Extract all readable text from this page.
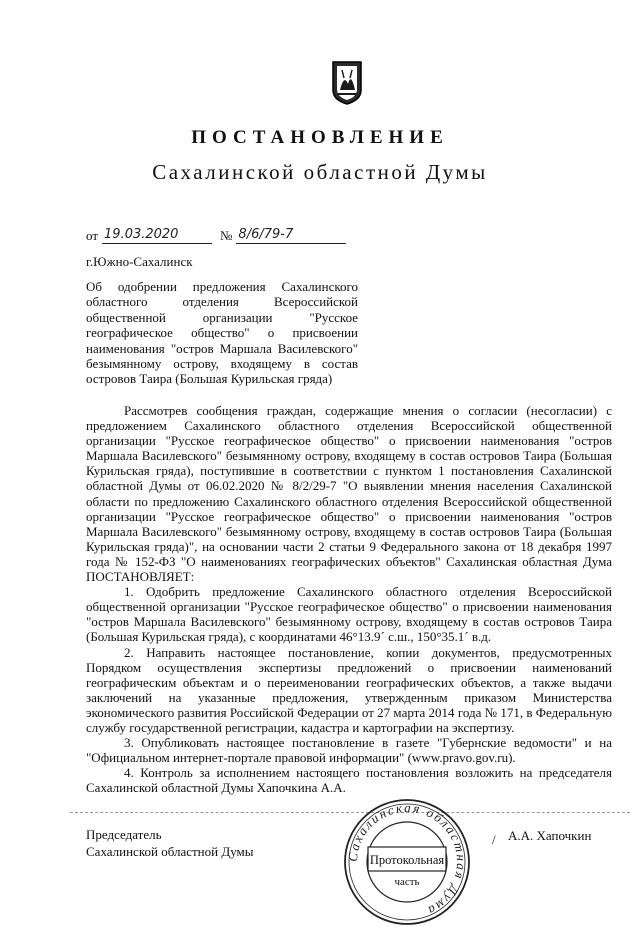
ПОСТАНОВЛЕНИЕ
Сахалинской областной Думы
от 19.03.2020	№ 8/6/79-7
г.Южно-Сахалинск
Об одобрении предложения Сахалинского областного отделения Всероссийской общественной организации "Русское географическое общество" о присвоении наименования "остров Маршала Василевского" безымянному острову, входящему в состав островов Таира (Большая Курильская гряда)

Рассмотрев сообщения граждан, содержащие мнения о согласии (несогласии) с предложением Сахалинского областного отделения Всероссийской общественной организации "Русское географическое общество" о присвоении наименования "остров Маршала Василевского" безымянному острову, входящему в состав островов Таира (Большая Курильская гряда), поступившие в соответствии с пунктом 1 постановления Сахалинской областной Думы от 06.02.2020 № 8/2/29-7 "О выявлении мнения населения Сахалинской области по предложению Сахалинского областного отделения Всероссийской общественной организации "Русское географическое общество" о присвоении наименования "остров Маршала Василевского" безымянному острову, входящему в состав островов Таира (Большая Курильская гряда)", на основании части 2 статьи 9 Федерального закона от 18 декабря 1997 года № 152-ФЗ "О наименованиях географических объектов" Сахалинская областная Дума ПОСТАНОВЛЯЕТ:

1. Одобрить предложение Сахалинского областного отделения Всероссийской общественной организации "Русское географическое общество" о присвоении наименования "остров Маршала Василевского" безымянному острову, входящему в состав островов Таира (Большая Курильская гряда), с координатами 46°13.9´ с.ш., 150°35.1´ в.д.

2. Направить настоящее постановление, копии документов, предусмотренных Порядком осуществления экспертизы предложений о присвоении наименований географическим объектам и о переименовании географических объектов, а также выдачи заключений на указанные предложения, утвержденным приказом Министерства экономического развития Российской Федерации от 27 марта 2014 года № 171, в Федеральную службу государственной регистрации, кадастра и картографии на экспертизу.

3. Опубликовать настоящее постановление в газете "Губернские ведомости" и на "Официальном интернет-портале правовой информации" (www.pravo.gov.ru).

4. Контроль за исполнением настоящего постановления возложить на председателя Сахалинской областной Думы Хапочкина А.А.

Председатель
Сахалинской областной Думы
/ А.А. Хапочкин
Сахалинская областная Дума
Протокольная
часть
